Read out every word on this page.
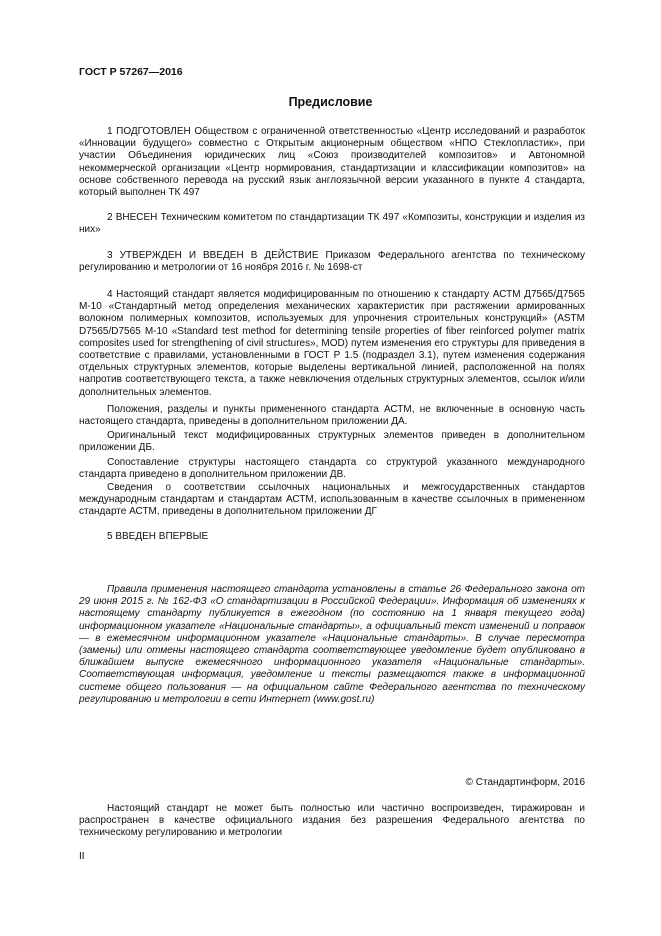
ГОСТ Р 57267—2016
Предисловие
1 ПОДГОТОВЛЕН Обществом с ограниченной ответственностью «Центр исследований и разработок «Инновации будущего» совместно с Открытым акционерным обществом «НПО Стеклопластик», при участии Объединения юридических лиц «Союз производителей композитов» и Автономной некоммерческой организации «Центр нормирования, стандартизации и классификации композитов» на основе собственного перевода на русский язык англоязычной версии указанного в пункте 4 стандарта, который выполнен ТК 497
2 ВНЕСЕН Техническим комитетом по стандартизации ТК 497 «Композиты, конструкции и изделия из них»
3 УТВЕРЖДЕН И ВВЕДЕН В ДЕЙСТВИЕ Приказом Федерального агентства по техническому регулированию и метрологии от 16 ноября 2016 г. № 1698-ст
4 Настоящий стандарт является модифицированным по отношению к стандарту АСТМ Д7565/Д7565 М-10 «Стандартный метод определения механических характеристик при растяжении армированных волокном полимерных композитов, используемых для упрочнения строительных конструкций» (ASTM D7565/D7565 M-10 «Standard test method for determining tensile properties of fiber reinforced polymer matrix composites used for strengthening of civil structures», MOD) путем изменения его структуры для приведения в соответствие с правилами, установленными в ГОСТ Р 1.5 (подраздел 3.1), путем изменения содержания отдельных структурных элементов, которые выделены вертикальной линией, расположенной на полях напротив соответствующего текста, а также невключения отдельных структурных элементов, ссылок и/или дополнительных элементов.
Положения, разделы и пункты примененного стандарта АСТМ, не включенные в основную часть настоящего стандарта, приведены в дополнительном приложении ДА.
Оригинальный текст модифицированных структурных элементов приведен в дополнительном приложении ДБ.
Сопоставление структуры настоящего стандарта со структурой указанного международного стандарта приведено в дополнительном приложении ДВ.
Сведения о соответствии ссылочных национальных и межгосударственных стандартов международным стандартам и стандартам АСТМ, использованным в качестве ссылочных в примененном стандарте АСТМ, приведены в дополнительном приложении ДГ
5 ВВЕДЕН ВПЕРВЫЕ
Правила применения настоящего стандарта установлены в статье 26 Федерального закона от 29 июня 2015 г. № 162-ФЗ «О стандартизации в Российской Федерации». Информация об изменениях к настоящему стандарту публикуется в ежегодном (по состоянию на 1 января текущего года) информационном указателе «Национальные стандарты», а официальный текст изменений и поправок — в ежемесячном информационном указателе «Национальные стандарты». В случае пересмотра (замены) или отмены настоящего стандарта соответствующее уведомление будет опубликовано в ближайшем выпуске ежемесячного информационного указателя «Национальные стандарты». Соответствующая информация, уведомление и тексты размещаются также в информационной системе общего пользования — на официальном сайте Федерального агентства по техническому регулированию и метрологии в сети Интернет (www.gost.ru)
© Стандартинформ, 2016
Настоящий стандарт не может быть полностью или частично воспроизведен, тиражирован и распространен в качестве официального издания без разрешения Федерального агентства по техническому регулированию и метрологии
II
